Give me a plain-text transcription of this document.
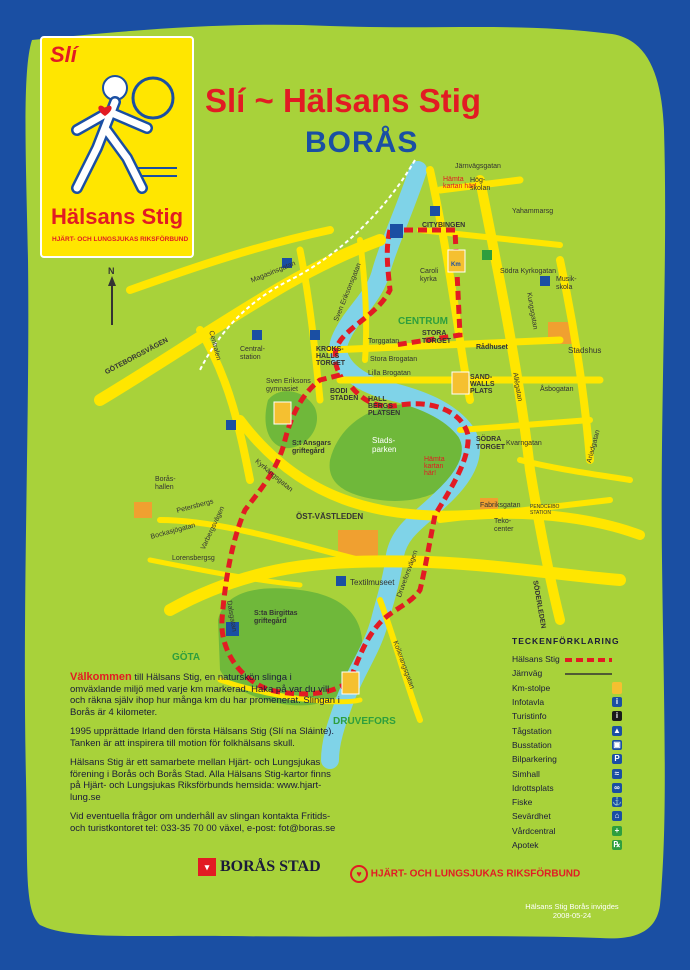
Slí
Hälsans Stig
HJÄRT- OCH LUNGSJUKAS RIKSFÖRBUND
Slí ~ Hälsans Stig
BORÅS
CENTRUM
GÖTA
DRUVEFORS
Järnvägsgatan
Hämta kartan här!
Hög-skolan
Yahammarsg
CITYBINGEN
Caroli kyrka
Södra Kyrkogatan
Musik-skola
STORA TORGET
Rådhuset	Stadshus
Central-station
KROKS-HALLS TORGET
Sven Eriksons gymnasiet	BODI STADEN	HALL BERGS PLATSEN
SAND-WALLS PLATS
SÖDRA TORGET
Stads-parken
Hämta kartan här!
S:t Ansgars griftegård
Borås-hallen
ÖST-VÄSTLEDEN
Teko-center
PENDCEIBO STATION
Textilmuseet
S:ta Birgittas griftegård	SÖDERLEDEN
GÖTEBORGSVÄGEN
Magasinsgatan	Sven Eriksonsgatan
Torggatan
Lilla Brogatan
Stora Brogatan
Åsbogatan
Allégatan
Kvarngatan
Fabriksgatan
Ariadgatan
Kungsgatan
Varbergsvägen
Bockasjögatan
Lorensbergsg
Kyrkängsgatan
Dalsgatan
Druveforsvägen
Kollerangsgatan
Petersbergs
Centralen
N
Km

Välkommen till Hälsans Stig, en naturskön slinga i omväxlande miljö med varje km markerad. Haka på var du vill och räkna själv ihop hur många km du har promenerat. Slingan i Borås är 4 kilometer.

1995 upprättade Irland den första Hälsans Stig (Slí na Sláinte). Tanken är att inspirera till motion för folkhälsans skull.

Hälsans Stig är ett samarbete mellan Hjärt- och Lungsjukas förening i Borås och Borås Stad. Alla Hälsans Stig-kartor finns på Hjärt- och Lungsjukas Riksförbunds hemsida: www.hjart-lung.se

Vid eventuella frågor om underhåll av slingan kontakta Fritids- och turistkontoret tel: 033-35 70 00 växel, e-post: fot@boras.se

TECKENFÖRKLARING
Hälsans Stig
Järnväg
Km-stolpe
Infotavla	i
Turistinfo	i
Tågstation	▲
Busstation	▣
Bilparkering	P
Simhall	≈
Idrottsplats	∞
Fiske	⚓
Sevärdhet	⌂
Vårdcentral	+
Apotek	℞
▾ BORÅS STAD	♥ HJÄRT- OCH LUNGSJUKAS RIKSFÖRBUND
Hälsans Stig Borås invigdes 2008-05-24
